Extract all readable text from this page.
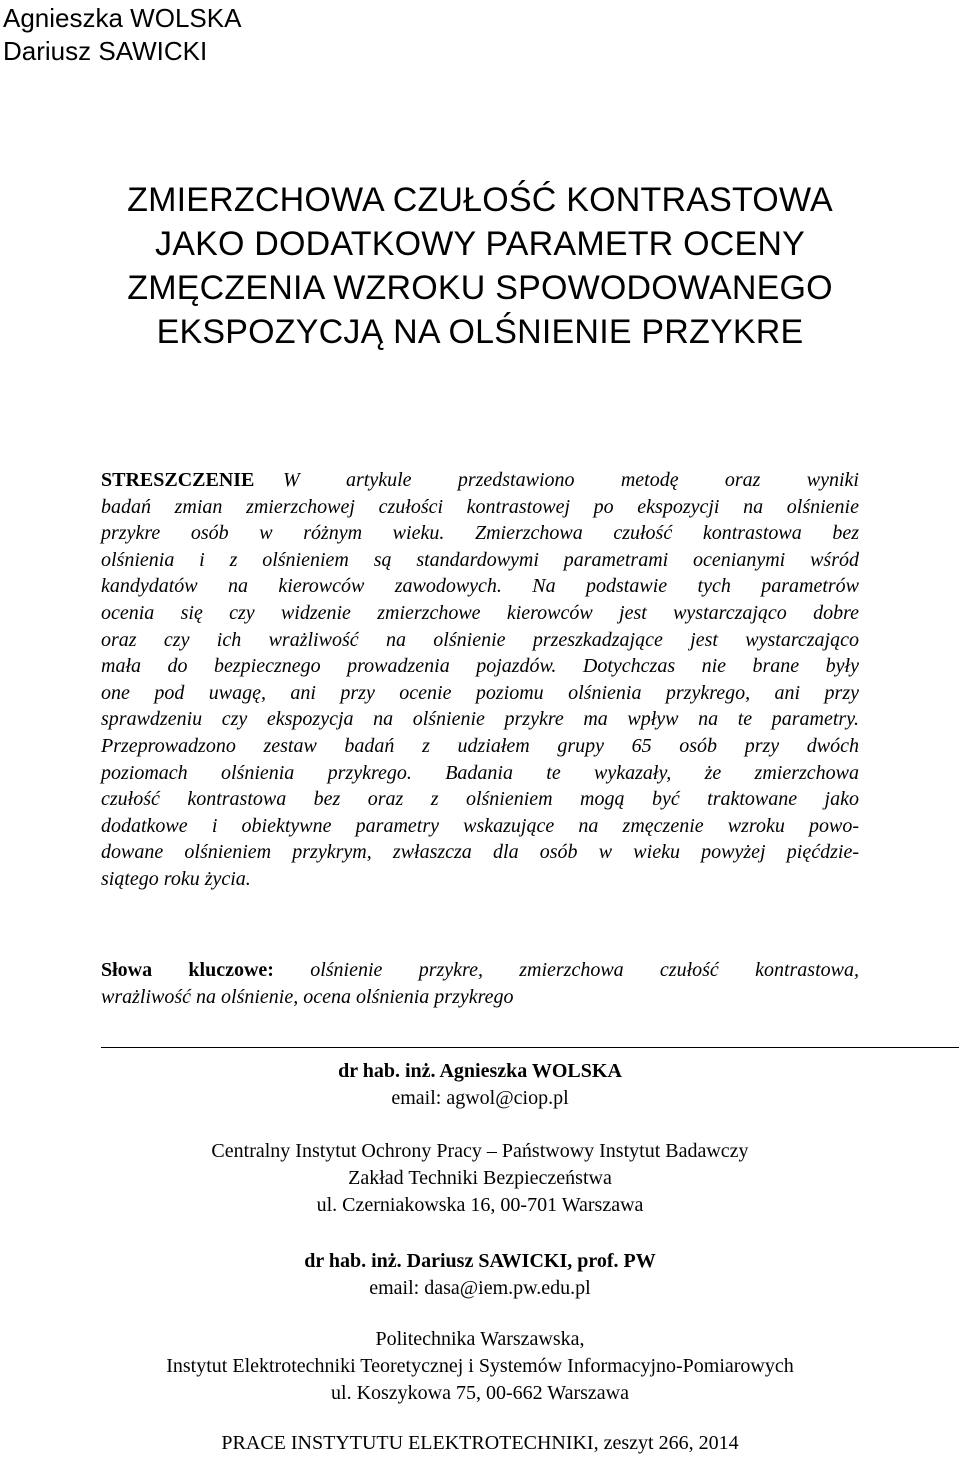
Agnieszka WOLSKA
Dariusz SAWICKI
ZMIERZCHOWA CZUŁOŚĆ KONTRASTOWA
JAKO DODATKOWY PARAMETR OCENY
ZMĘCZENIA WZROKU SPOWODOWANEGO
EKSPOZYCJĄ NA OLŚNIENIE PRZYKRE
STRESZCZENIE W artykule przedstawiono metodę oraz wyniki
badań zmian zmierzchowej czułości kontrastowej po ekspozycji na olśnienie
przykre osób w różnym wieku. Zmierzchowa czułość kontrastowa bez
olśnienia i z olśnieniem są standardowymi parametrami ocenianymi wśród
kandydatów na kierowców zawodowych. Na podstawie tych parametrów
ocenia się czy widzenie zmierzchowe kierowców jest wystarczająco dobre
oraz czy ich wrażliwość na olśnienie przeszkadzające jest wystarczająco
mała do bezpiecznego prowadzenia pojazdów. Dotychczas nie brane były
one pod uwagę, ani przy ocenie poziomu olśnienia przykrego, ani przy
sprawdzeniu czy ekspozycja na olśnienie przykre ma wpływ na te parametry.
Przeprowadzono zestaw badań z udziałem grupy 65 osób przy dwóch
poziomach olśnienia przykrego. Badania te wykazały, że zmierzchowa
czułość kontrastowa bez oraz z olśnieniem mogą być traktowane jako
dodatkowe i obiektywne parametry wskazujące na zmęczenie wzroku powo-
dowane olśnieniem przykrym, zwłaszcza dla osób w wieku powyżej pięćdzie-
siątego roku życia.
Słowa kluczowe: olśnienie przykre, zmierzchowa czułość kontrastowa,
wrażliwość na olśnienie, ocena olśnienia przykrego
dr hab. inż. Agnieszka WOLSKA
email: agwol@ciop.pl
Centralny Instytut Ochrony Pracy – Państwowy Instytut Badawczy
Zakład Techniki Bezpieczeństwa
ul. Czerniakowska 16, 00-701 Warszawa
dr hab. inż. Dariusz SAWICKI, prof. PW
email: dasa@iem.pw.edu.pl
Politechnika Warszawska,
Instytut Elektrotechniki Teoretycznej i Systemów Informacyjno-Pomiarowych
ul. Koszykowa 75, 00-662 Warszawa
PRACE INSTYTUTU ELEKTROTECHNIKI, zeszyt 266, 2014
